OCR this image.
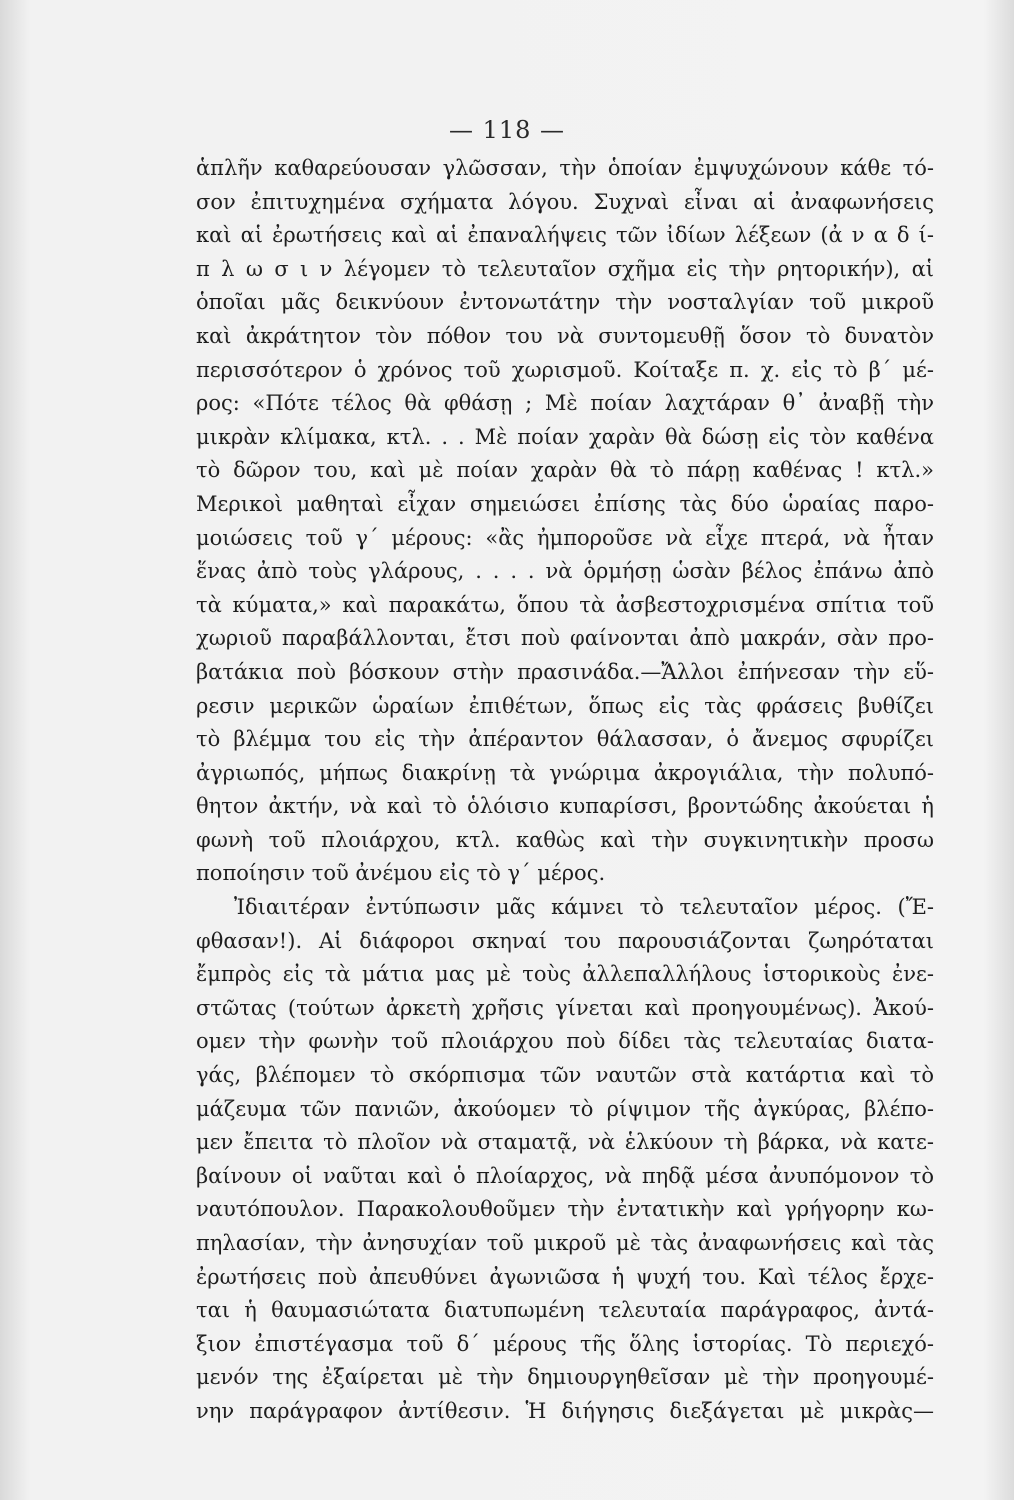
— 118 —
ἁπλῆν καθαρεύουσαν γλῶσσαν, τὴν ὁποίαν ἐμψυχώνουν κάθε τό-
σον ἐπιτυχημένα σχήματα λόγου. Συχναὶ εἶναι αἱ ἀναφωνήσεις
καὶ αἱ ἐρωτήσεις καὶ αἱ ἐπαναλήψεις τῶν ἰδίων λέξεων (ἀ ν α δ ί-
π λ ω σ ι ν λέγομεν τὸ τελευταῖον σχῆμα εἰς τὴν ρητορικήν), αἱ
ὁποῖαι μᾶς δεικνύουν ἐντονωτάτην τὴν νοσταλγίαν τοῦ μικροῦ
καὶ ἀκράτητον τὸν πόθον του νὰ συντομευθῇ ὅσον τὸ δυνατὸν
περισσότερον ὁ χρόνος τοῦ χωρισμοῦ. Κοίταξε π. χ. εἰς τὸ β΄ μέ-
ρος: «Πότε τέλος θὰ φθάσῃ ; Μὲ ποίαν λαχτάραν θ᾽ ἀναβῇ τὴν
μικρὰν κλίμακα, κτλ. . . Μὲ ποίαν χαρὰν θὰ δώσῃ εἰς τὸν καθένα
τὸ δῶρον του, καὶ μὲ ποίαν χαρὰν θὰ τὸ πάρῃ καθένας ! κτλ.»
Μερικοὶ μαθηταὶ εἶχαν σημειώσει ἐπίσης τὰς δύο ὡραίας παρο-
μοιώσεις τοῦ γ΄ μέρους: «ἂς ἠμποροῦσε νὰ εἶχε πτερά, νὰ ἦταν
ἕνας ἀπὸ τοὺς γλάρους, . . . . νὰ ὁρμήσῃ ὡσὰν βέλος ἐπάνω ἀπὸ
τὰ κύματα,» καὶ παρακάτω, ὅπου τὰ ἀσβεστοχρισμένα σπίτια τοῦ
χωριοῦ παραβάλλονται, ἔτσι ποὺ φαίνονται ἀπὸ μακράν, σὰν προ-
βατάκια ποὺ βόσκουν στὴν πρασινάδα.—Ἄλλοι ἐπήνεσαν τὴν εὕ-
ρεσιν μερικῶν ὡραίων ἐπιθέτων, ὅπως εἰς τὰς φράσεις βυθίζει
τὸ βλέμμα του εἰς τὴν ἀπέραντον θάλασσαν, ὁ ἄνεμος σφυρίζει
ἀγριωπός, μήπως διακρίνῃ τὰ γνώριμα ἀκρογιάλια, τὴν πολυπό-
θητον ἀκτήν, νὰ καὶ τὸ ὁλόισιο κυπαρίσσι, βροντώδης ἀκούεται ἡ
φωνὴ τοῦ πλοιάρχου, κτλ. καθὼς καὶ τὴν συγκινητικὴν προσω
ποποίησιν τοῦ ἀνέμου εἰς τὸ γ΄ μέρος.
Ἰδιαιτέραν ἐντύπωσιν μᾶς κάμνει τὸ τελευταῖον μέρος. (Ἔ-
φθασαν!). Αἱ διάφοροι σκηναί του παρουσιάζονται ζωηρόταται
ἔμπρὸς εἰς τὰ μάτια μας μὲ τοὺς ἀλλεπαλλήλους ἱστορικοὺς ἐνε-
στῶτας (τούτων ἀρκετὴ χρῆσις γίνεται καὶ προηγουμένως). Ἀκού-
ομεν τὴν φωνὴν τοῦ πλοιάρχου ποὺ δίδει τὰς τελευταίας διατα-
γάς, βλέπομεν τὸ σκόρπισμα τῶν ναυτῶν στὰ κατάρτια καὶ τὸ
μάζευμα τῶν πανιῶν, ἀκούομεν τὸ ρίψιμον τῆς ἀγκύρας, βλέπο-
μεν ἔπειτα τὸ πλοῖον νὰ σταματᾷ, νὰ ἑλκύουν τὴ βάρκα, νὰ κατε-
βαίνουν οἱ ναῦται καὶ ὁ πλοίαρχος, νὰ πηδᾷ μέσα ἀνυπόμονον τὸ
ναυτόπουλον. Παρακολουθοῦμεν τὴν ἐντατικὴν καὶ γρήγορην κω-
πηλασίαν, τὴν ἀνησυχίαν τοῦ μικροῦ μὲ τὰς ἀναφωνήσεις καὶ τὰς
ἐρωτήσεις ποὺ ἀπευθύνει ἀγωνιῶσα ἡ ψυχή του. Καὶ τέλος ἔρχε-
ται ἡ θαυμασιώτατα διατυπωμένη τελευταία παράγραφος, ἀντά-
ξιον ἐπιστέγασμα τοῦ δ΄ μέρους τῆς ὅλης ἱστορίας. Τὸ περιεχό-
μενόν της ἐξαίρεται μὲ τὴν δημιουργηθεῖσαν μὲ τὴν προηγουμέ-
νην παράγραφον ἀντίθεσιν. Ἡ διήγησις διεξάγεται μὲ μικρὰς—
